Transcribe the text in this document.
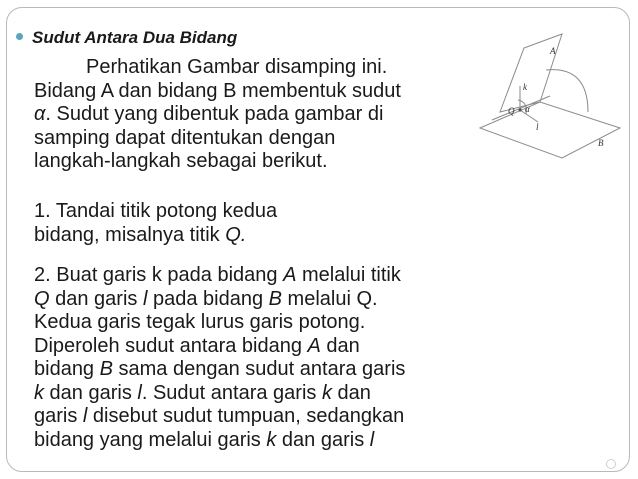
Sudut Antara Dua Bidang
Perhatikan Gambar disamping ini.
Bidang A dan bidang B membentuk sudut
α. Sudut yang dibentuk pada gambar di
samping dapat ditentukan dengan
langkah-langkah sebagai berikut.
1. Tandai titik potong kedua
bidang, misalnya titik Q.
2. Buat garis k pada bidang A melalui titik
Q dan garis l pada bidang B melalui Q.
Kedua garis tegak lurus garis potong.
Diperoleh sudut antara bidang A dan
bidang B sama dengan sudut antara garis
k dan garis l. Sudut antara garis k dan
garis l disebut sudut tumpuan, sedangkan
bidang yang melalui garis k dan garis l
A
B
Q
k
l
α
